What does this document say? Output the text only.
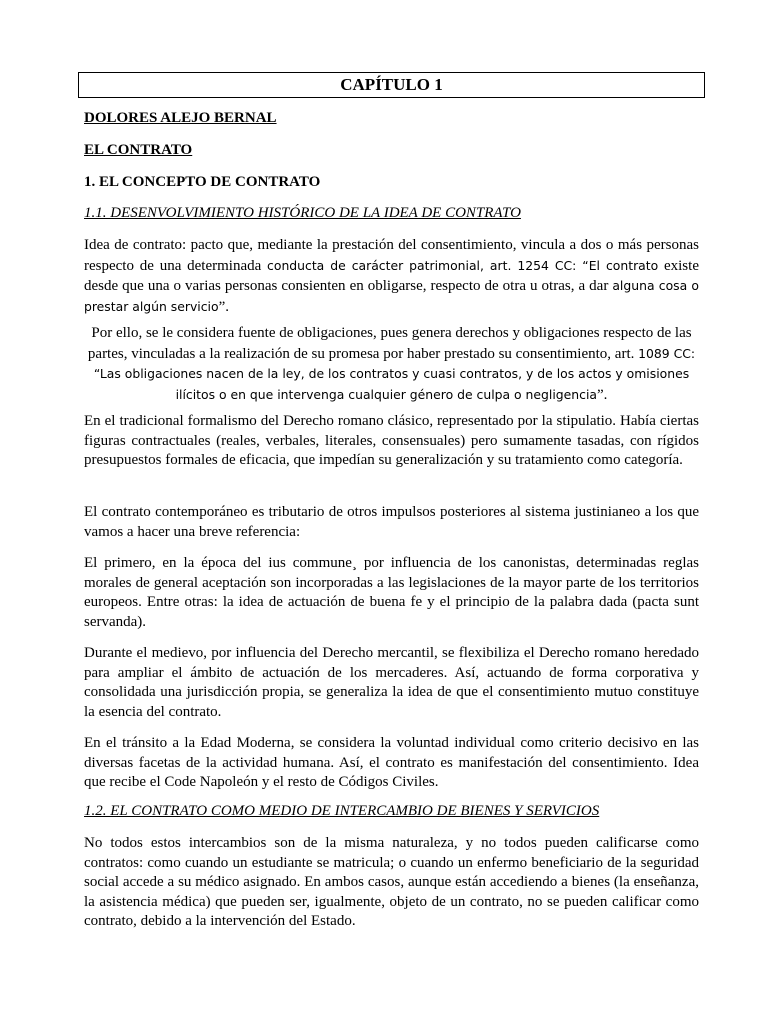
CAPÍTULO 1
DOLORES ALEJO BERNAL
EL CONTRATO
1. EL CONCEPTO DE CONTRATO
1.1. DESENVOLVIMIENTO HISTÓRICO DE LA IDEA DE CONTRATO
Idea de contrato: pacto que, mediante la prestación del consentimiento, vincula a dos o más personas respecto de una determinada conducta de carácter patrimonial, art. 1254 CC: “El contrato existe desde que una o varias personas consienten en obligarse, respecto de otra u otras, a dar alguna cosa o prestar algún servicio”.
Por ello, se le considera fuente de obligaciones, pues genera derechos y obligaciones respecto de las partes, vinculadas a la realización de su promesa por haber prestado su consentimiento, art. 1089 CC: “Las obligaciones nacen de la ley, de los contratos y cuasi contratos, y de los actos y omisiones ilícitos o en que intervenga cualquier género de culpa o negligencia”.
En el tradicional formalismo del Derecho romano clásico, representado por la stipulatio. Había ciertas figuras contractuales (reales, verbales, literales, consensuales) pero sumamente tasadas, con rígidos presupuestos formales de eficacia, que impedían su generalización y su tratamiento como categoría.
El contrato contemporáneo es tributario de otros impulsos posteriores al sistema justinianeo a los que vamos a hacer una breve referencia:
El primero, en la época del ius commune¸ por influencia de los canonistas, determinadas reglas morales de general aceptación son incorporadas a las legislaciones de la mayor parte de los territorios europeos. Entre otras: la idea de actuación de buena fe y el principio de la palabra dada (pacta sunt servanda).
Durante el medievo, por influencia del Derecho mercantil, se flexibiliza el Derecho romano heredado para ampliar el ámbito de actuación de los mercaderes. Así, actuando de forma corporativa y consolidada una jurisdicción propia, se generaliza la idea de que el consentimiento mutuo constituye la esencia del contrato.
En el tránsito a la Edad Moderna, se considera la voluntad individual como criterio decisivo en las diversas facetas de la actividad humana. Así, el contrato es manifestación del consentimiento. Idea que recibe el Code Napoleón y el resto de Códigos Civiles.
1.2. EL CONTRATO COMO MEDIO DE INTERCAMBIO DE BIENES Y SERVICIOS
No todos estos intercambios son de la misma naturaleza, y no todos pueden calificarse como contratos: como cuando un estudiante se matricula; o cuando un enfermo beneficiario de la seguridad social accede a su médico asignado. En ambos casos, aunque están accediendo a bienes (la enseñanza, la asistencia médica) que pueden ser, igualmente, objeto de un contrato, no se pueden calificar como contrato, debido a la intervención del Estado.
